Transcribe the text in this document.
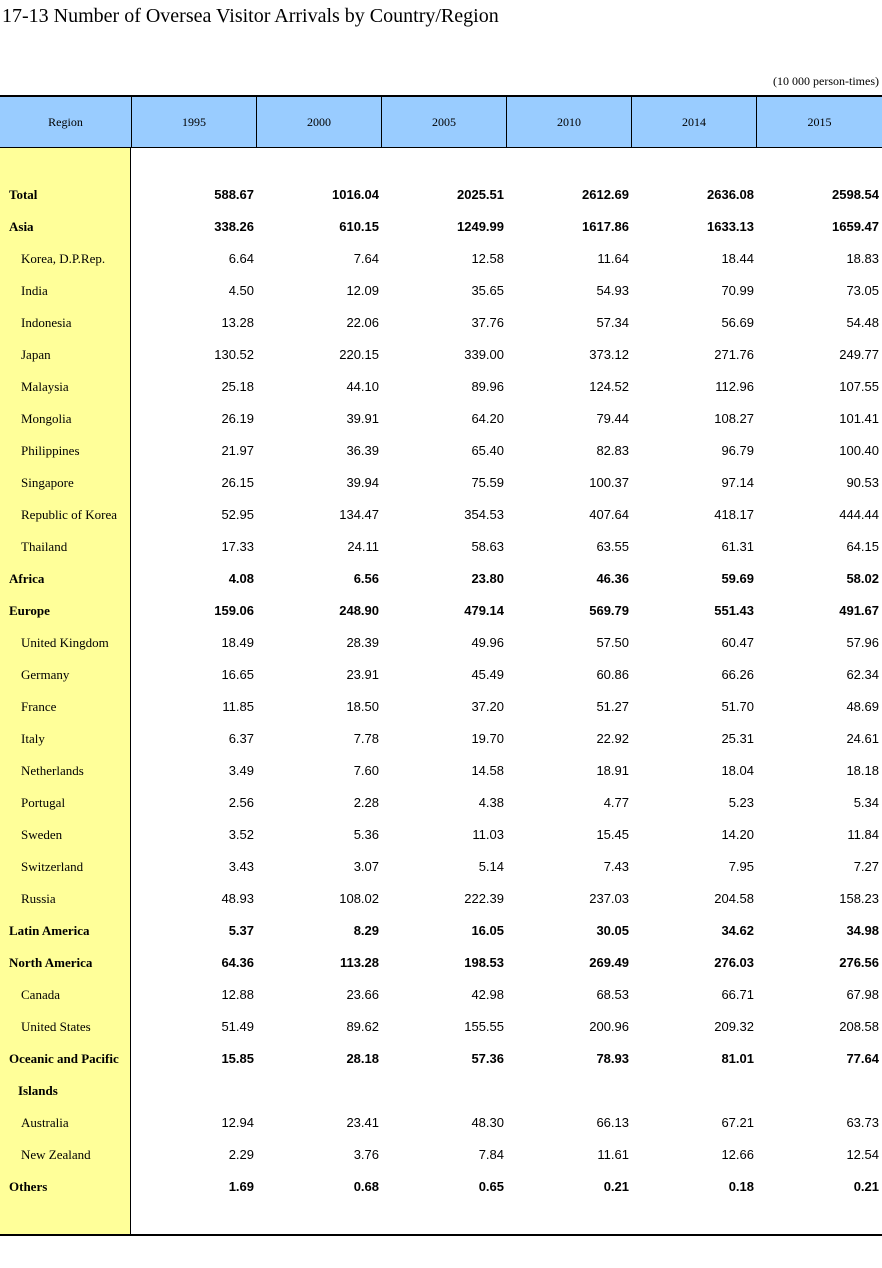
17-13 Number of Oversea Visitor Arrivals by Country/Region
(10 000 person-times)
Region	1995	2000	2005	2010	2014	2015
Total	588.67	1016.04	2025.51	2612.69	2636.08	2598.54
Asia	338.26	610.15	1249.99	1617.86	1633.13	1659.47
Korea, D.P.Rep.	6.64	7.64	12.58	11.64	18.44	18.83
India	4.50	12.09	35.65	54.93	70.99	73.05
Indonesia	13.28	22.06	37.76	57.34	56.69	54.48
Japan	130.52	220.15	339.00	373.12	271.76	249.77
Malaysia	25.18	44.10	89.96	124.52	112.96	107.55
Mongolia	26.19	39.91	64.20	79.44	108.27	101.41
Philippines	21.97	36.39	65.40	82.83	96.79	100.40
Singapore	26.15	39.94	75.59	100.37	97.14	90.53
Republic of Korea	52.95	134.47	354.53	407.64	418.17	444.44
Thailand	17.33	24.11	58.63	63.55	61.31	64.15
Africa	4.08	6.56	23.80	46.36	59.69	58.02
Europe	159.06	248.90	479.14	569.79	551.43	491.67
United Kingdom	18.49	28.39	49.96	57.50	60.47	57.96
Germany	16.65	23.91	45.49	60.86	66.26	62.34
France	11.85	18.50	37.20	51.27	51.70	48.69
Italy	6.37	7.78	19.70	22.92	25.31	24.61
Netherlands	3.49	7.60	14.58	18.91	18.04	18.18
Portugal	2.56	2.28	4.38	4.77	5.23	5.34
Sweden	3.52	5.36	11.03	15.45	14.20	11.84
Switzerland	3.43	3.07	5.14	7.43	7.95	7.27
Russia	48.93	108.02	222.39	237.03	204.58	158.23
Latin America	5.37	8.29	16.05	30.05	34.62	34.98
North America	64.36	113.28	198.53	269.49	276.03	276.56
Canada	12.88	23.66	42.98	68.53	66.71	67.98
United States	51.49	89.62	155.55	200.96	209.32	208.58
Oceanic and Pacific	15.85	28.18	57.36	78.93	81.01	77.64
Islands
Australia	12.94	23.41	48.30	66.13	67.21	63.73
New Zealand	2.29	3.76	7.84	11.61	12.66	12.54
Others	1.69	0.68	0.65	0.21	0.18	0.21
